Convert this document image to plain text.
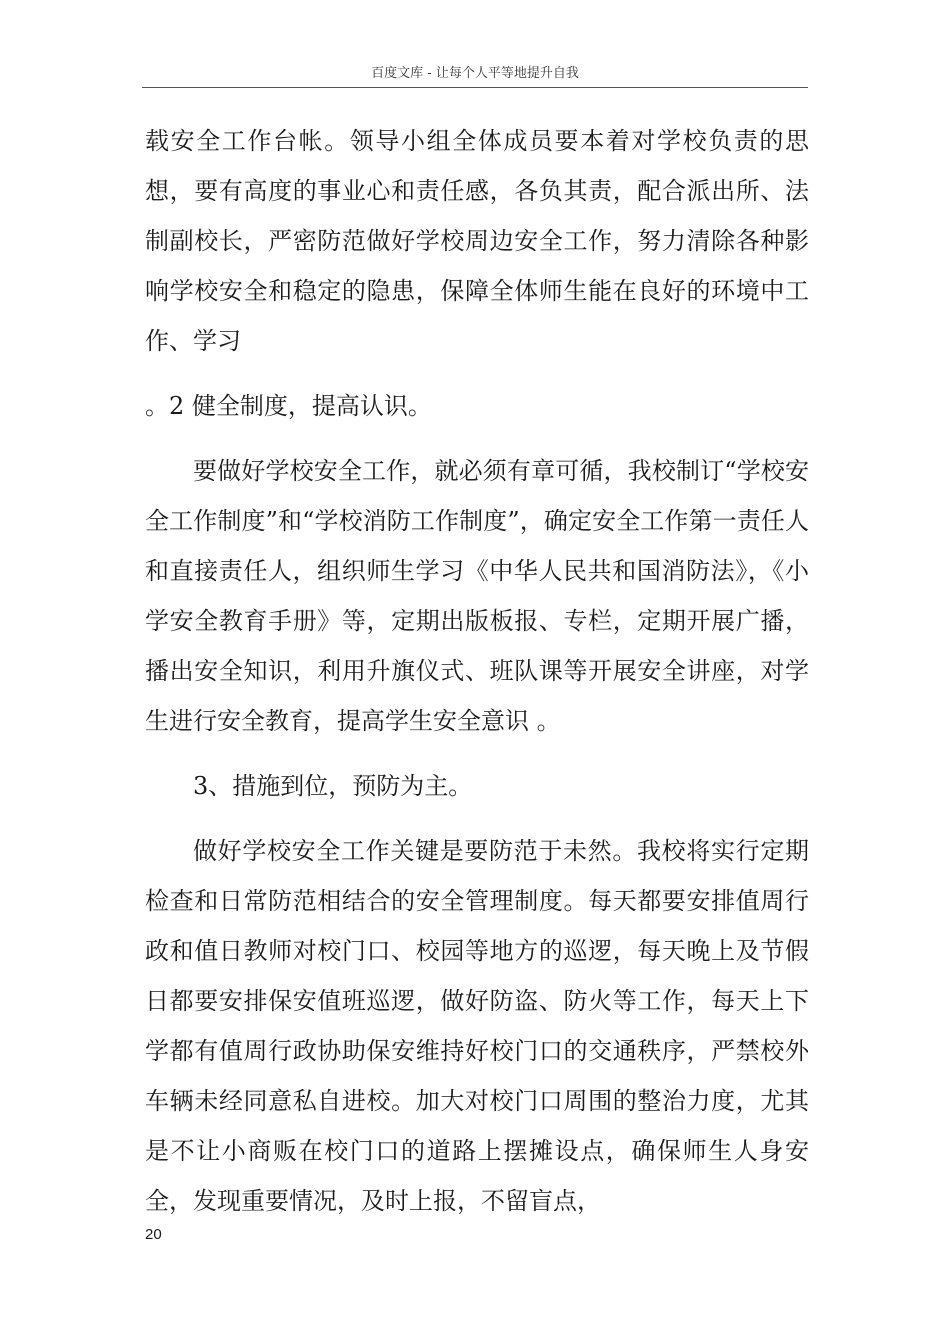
百度文库 - 让每个人平等地提升自我

载安全工作台帐。领导小组全体成员要本着对学校负责的思想，要有高度的事业心和责任感，各负其责，配合派出所、法制副校长，严密防范做好学校周边安全工作，努力清除各种影响学校安全和稳定的隐患，保障全体师生能在良好的环境中工作、学习

。2 健全制度，提高认识。

要做好学校安全工作，就必须有章可循，我校制订“学校安全工作制度”和“学校消防工作制度”，确定安全工作第一责任人和直接责任人，组织师生学习《中华人民共和国消防法》，《小学安全教育手册》等，定期出版板报、专栏，定期开展广播，播出安全知识，利用升旗仪式、班队课等开展安全讲座，对学生进行安全教育，提高学生安全意识 。

3、措施到位，预防为主。

做好学校安全工作关键是要防范于未然。我校将实行定期检查和日常防范相结合的安全管理制度。每天都要安排值周行政和值日教师对校门口、校园等地方的巡逻，每天晚上及节假日都要安排保安值班巡逻，做好防盗、防火等工作，每天上下学都有值周行政协助保安维持好校门口的交通秩序，严禁校外车辆未经同意私自进校。加大对校门口周围的整治力度，尤其是不让小商贩在校门口的道路上摆摊设点，确保师生人身安全，发现重要情况，及时上报，不留盲点，

20
